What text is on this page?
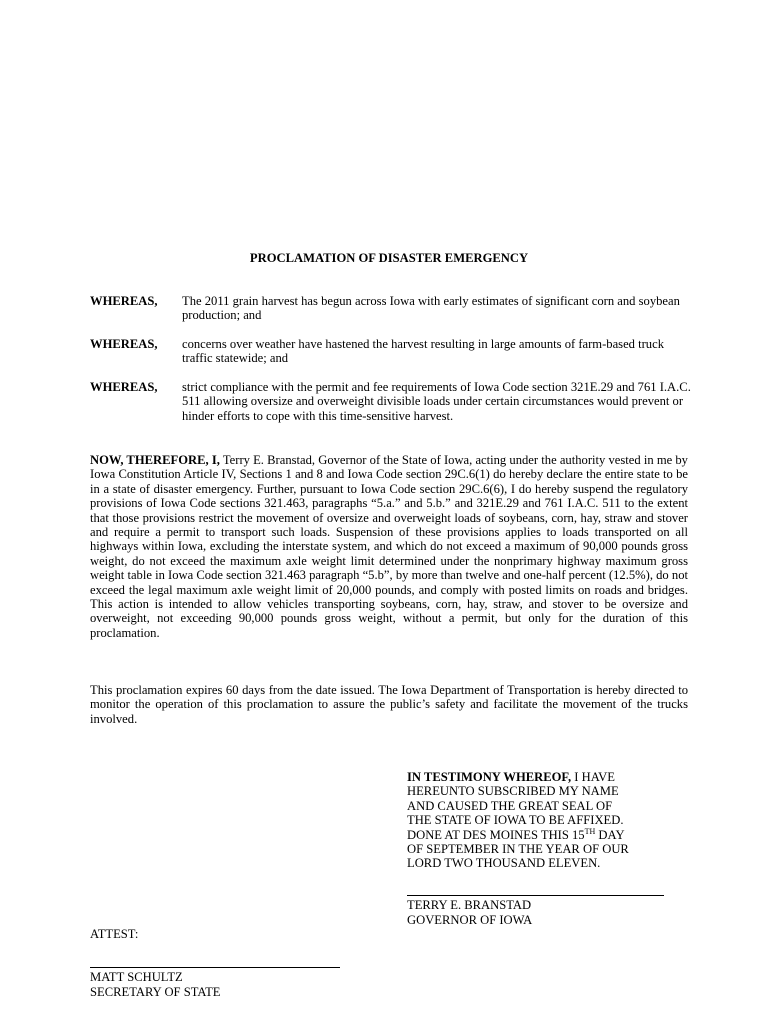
PROCLAMATION OF DISASTER EMERGENCY
WHEREAS, The 2011 grain harvest has begun across Iowa with early estimates of significant corn and soybean production; and
WHEREAS, concerns over weather have hastened the harvest resulting in large amounts of farm-based truck traffic statewide; and
WHEREAS, strict compliance with the permit and fee requirements of Iowa Code section 321E.29 and 761 I.A.C. 511 allowing oversize and overweight divisible loads under certain circumstances would prevent or hinder efforts to cope with this time-sensitive harvest.
NOW, THEREFORE, I, Terry E. Branstad, Governor of the State of Iowa, acting under the authority vested in me by Iowa Constitution Article IV, Sections 1 and 8 and Iowa Code section 29C.6(1) do hereby declare the entire state to be in a state of disaster emergency. Further, pursuant to Iowa Code section 29C.6(6), I do hereby suspend the regulatory provisions of Iowa Code sections 321.463, paragraphs “5.a.” and 5.b.” and 321E.29 and 761 I.A.C. 511 to the extent that those provisions restrict the movement of oversize and overweight loads of soybeans, corn, hay, straw and stover and require a permit to transport such loads. Suspension of these provisions applies to loads transported on all highways within Iowa, excluding the interstate system, and which do not exceed a maximum of 90,000 pounds gross weight, do not exceed the maximum axle weight limit determined under the nonprimary highway maximum gross weight table in Iowa Code section 321.463 paragraph “5.b”, by more than twelve and one-half percent (12.5%), do not exceed the legal maximum axle weight limit of 20,000 pounds, and comply with posted limits on roads and bridges. This action is intended to allow vehicles transporting soybeans, corn, hay, straw, and stover to be oversize and overweight, not exceeding 90,000 pounds gross weight, without a permit, but only for the duration of this proclamation.
This proclamation expires 60 days from the date issued. The Iowa Department of Transportation is hereby directed to monitor the operation of this proclamation to assure the public’s safety and facilitate the movement of the trucks involved.
IN TESTIMONY WHEREOF, I HAVE
HEREUNTO SUBSCRIBED MY NAME
AND CAUSED THE GREAT SEAL OF
THE STATE OF IOWA TO BE AFFIXED.
DONE AT DES MOINES THIS 15TH DAY
OF SEPTEMBER IN THE YEAR OF OUR
LORD TWO THOUSAND ELEVEN.
TERRY E. BRANSTAD
GOVERNOR OF IOWA
ATTEST:
MATT SCHULTZ
SECRETARY OF STATE
